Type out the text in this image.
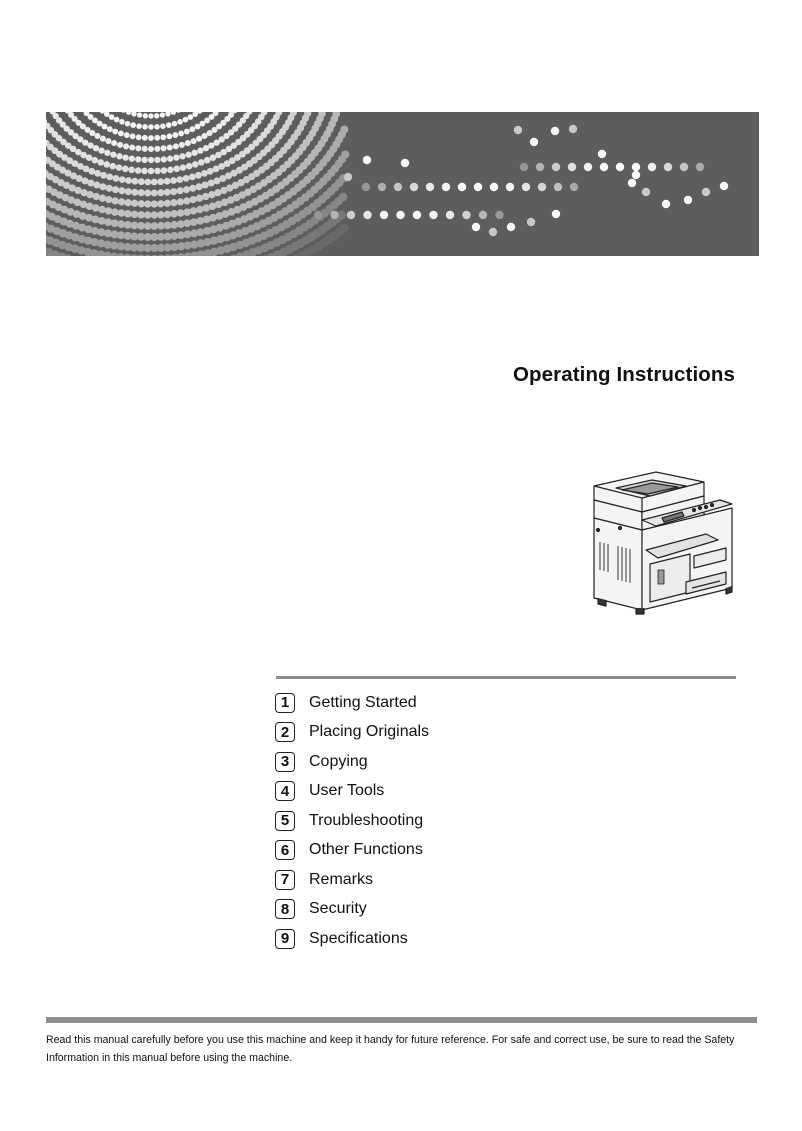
Operating Instructions
1	Getting Started
2	Placing Originals
3	Copying
4	User Tools
5	Troubleshooting
6	Other Functions
7	Remarks
8	Security
9	Specifications

Read this manual carefully before you use this machine and keep it handy for future reference. For safe and correct use, be sure to read the Safety Information in this manual before using the machine.
